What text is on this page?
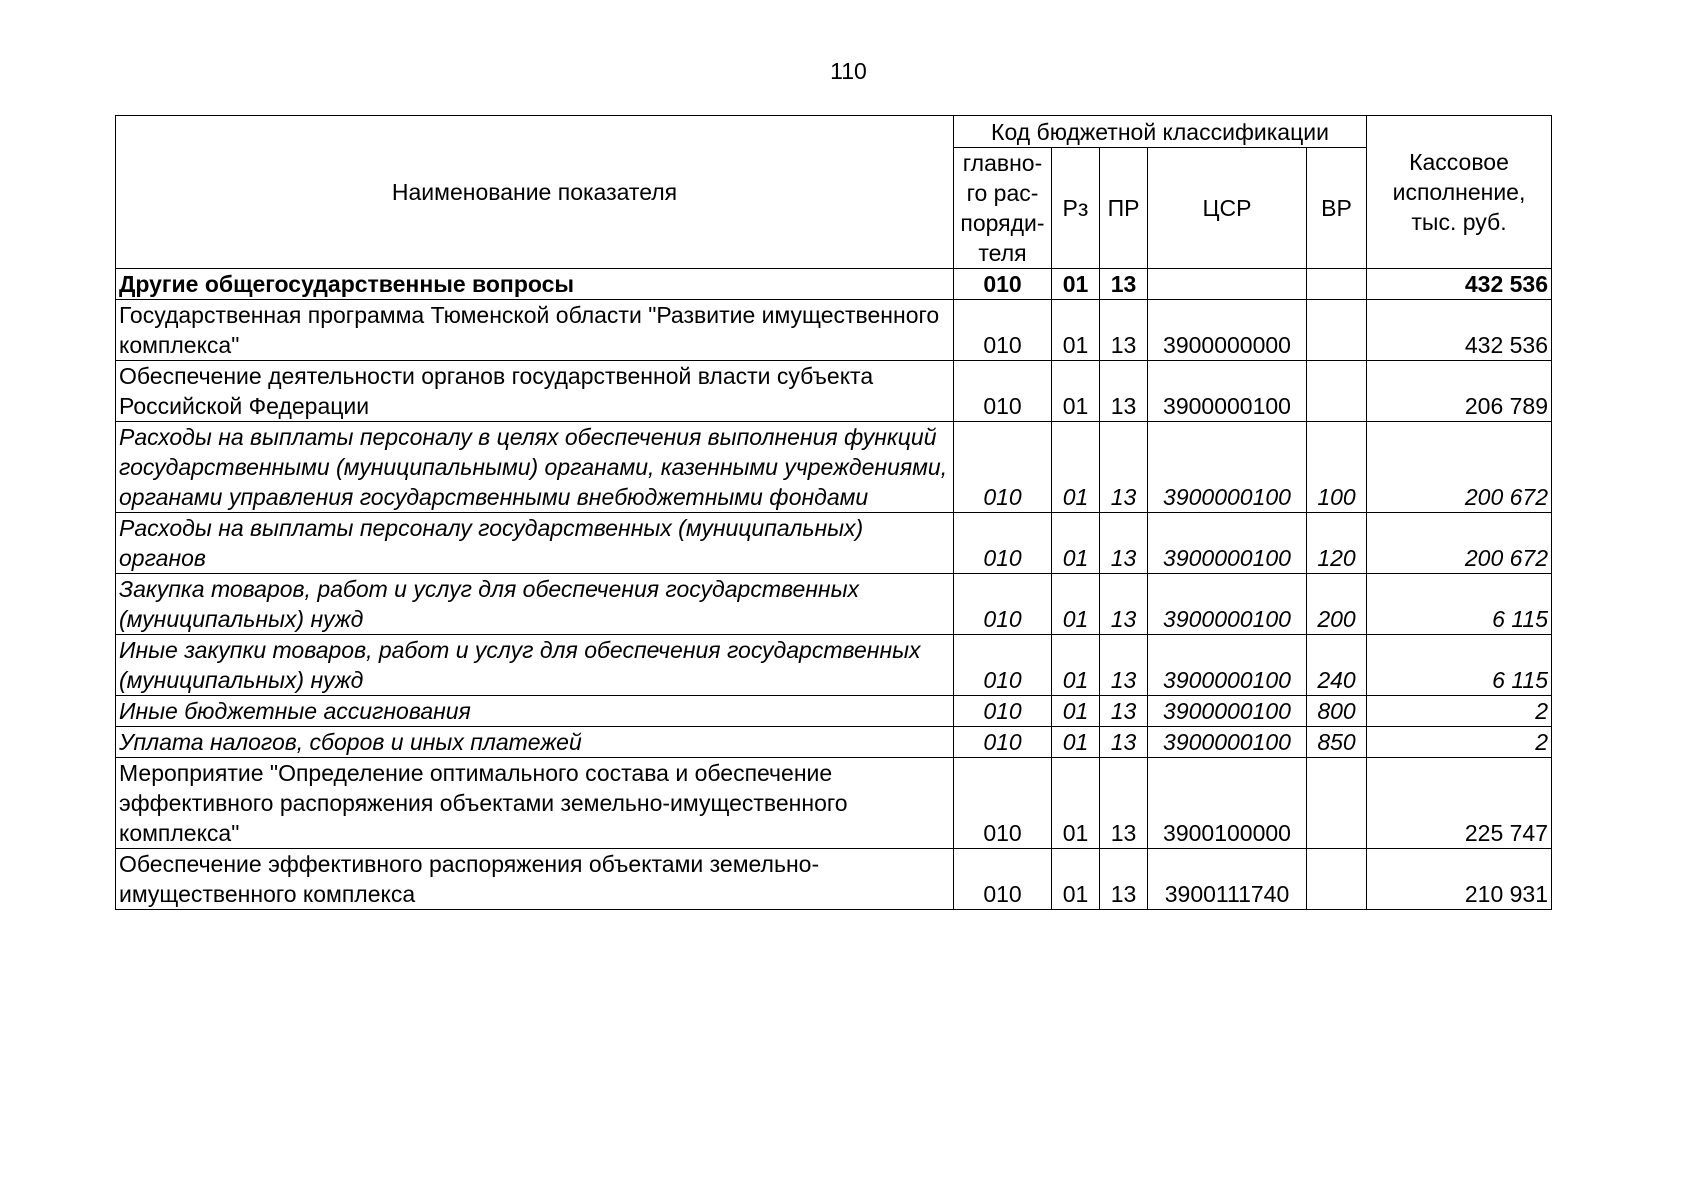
110
Наименование показателя	Код бюджетной классификации					Кассовое
исполнение,
тыс. руб.

	главно-
го рас-
поряди-
теля	Рз	ПР	ЦСР	ВР	
Другие общегосударственные вопросы	010	01	13			432 536
Государственная программа Тюменской области "Развитие имущественного комплекса"	010	01	13	3900000000		432 536
Обеспечение деятельности органов государственной власти субъекта Российской Федерации	010	01	13	3900000100		206 789
Расходы на выплаты персоналу в целях обеспечения выполнения функций государственными (муниципальными) органами, казенными учреждениями, органами управления государственными внебюджетными фондами	010	01	13	3900000100	100	200 672
Расходы на выплаты персоналу государственных (муниципальных) органов	010	01	13	3900000100	120	200 672
Закупка товаров, работ и услуг для обеспечения государственных (муниципальных) нужд	010	01	13	3900000100	200	6 115
Иные закупки товаров, работ и услуг для обеспечения государственных (муниципальных) нужд	010	01	13	3900000100	240	6 115
Иные бюджетные ассигнования	010	01	13	3900000100	800	2
Уплата налогов, сборов и иных платежей	010	01	13	3900000100	850	2
Мероприятие "Определение оптимального состава и обеспечение эффективного распоряжения объектами земельно-имущественного комплекса"	010	01	13	3900100000		225 747
Обеспечение эффективного распоряжения объектами земельно-имущественного комплекса	010	01	13	3900111740		210 931
